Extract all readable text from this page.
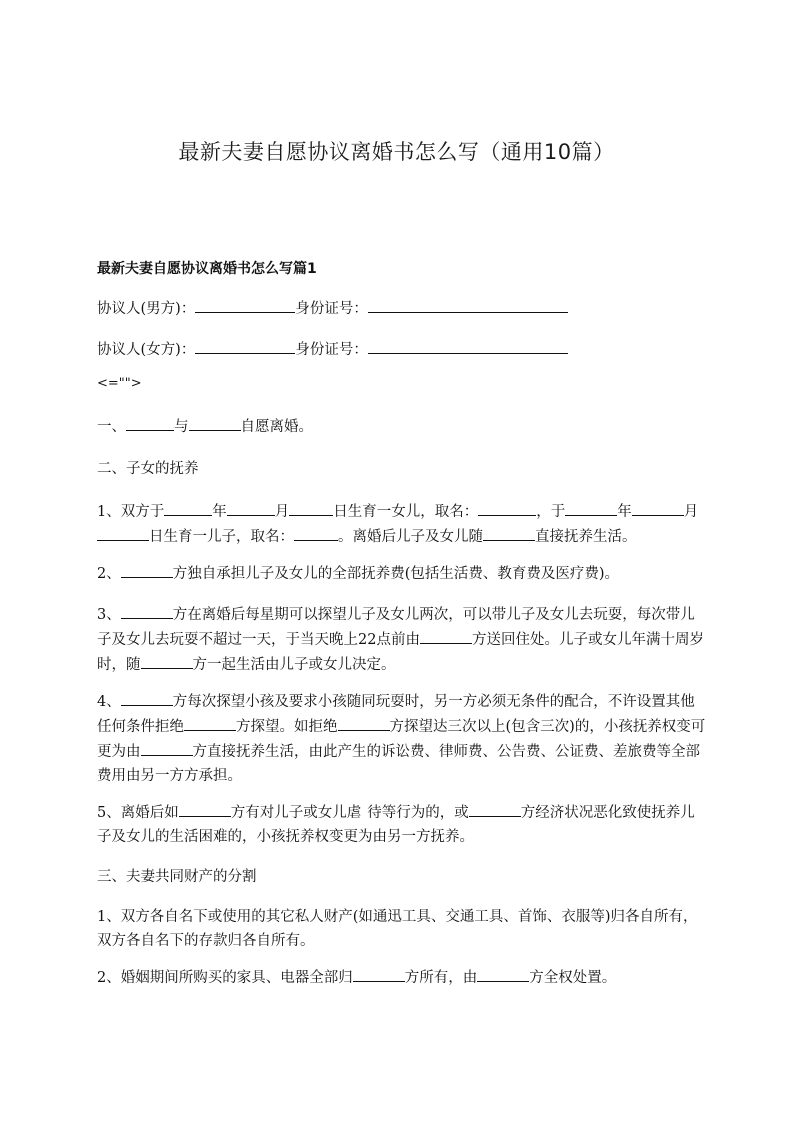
最新夫妻自愿协议离婚书怎么写（通用10篇）
最新夫妻自愿协议离婚书怎么写篇1
协议人(男方)：	身份证号：
协议人(女方)：	身份证号：
<="">
一、	与	自愿离婚。
二、子女的抚养
1、双方于	年	月	日生育一女儿，取名：	，于	年	月日生育一儿子，取名：	。离婚后儿子及女儿随	直接抚养生活。
2、	方独自承担儿子及女儿的全部抚养费(包括生活费、教育费及医疗费)。
3、	方在离婚后每星期可以探望儿子及女儿两次，可以带儿子及女儿去玩耍，每次带儿子及女儿去玩耍不超过一天，于当天晚上22点前由	方送回住处。儿子或女儿年满十周岁时，随	方一起生活由儿子或女儿决定。
4、	方每次探望小孩及要求小孩随同玩耍时，另一方必须无条件的配合，不许设置其他任何条件拒绝	方探望。如拒绝	方探望达三次以上(包含三次)的，小孩抚养权变可更为由	方直接抚养生活，由此产生的诉讼费、律师费、公告费、公证费、差旅费等全部费用由另一方方承担。
5、离婚后如	方有对儿子或女儿虐 待等行为的，或	方经济状况恶化致使抚养儿子及女儿的生活困难的，小孩抚养权变更为由另一方抚养。
三、夫妻共同财产的分割
1、双方各自名下或使用的其它私人财产(如通迅工具、交通工具、首饰、衣服等)归各自所有，双方各自名下的存款归各自所有。
2、婚姻期间所购买的家具、电器全部归	方所有，由	方全权处置。
